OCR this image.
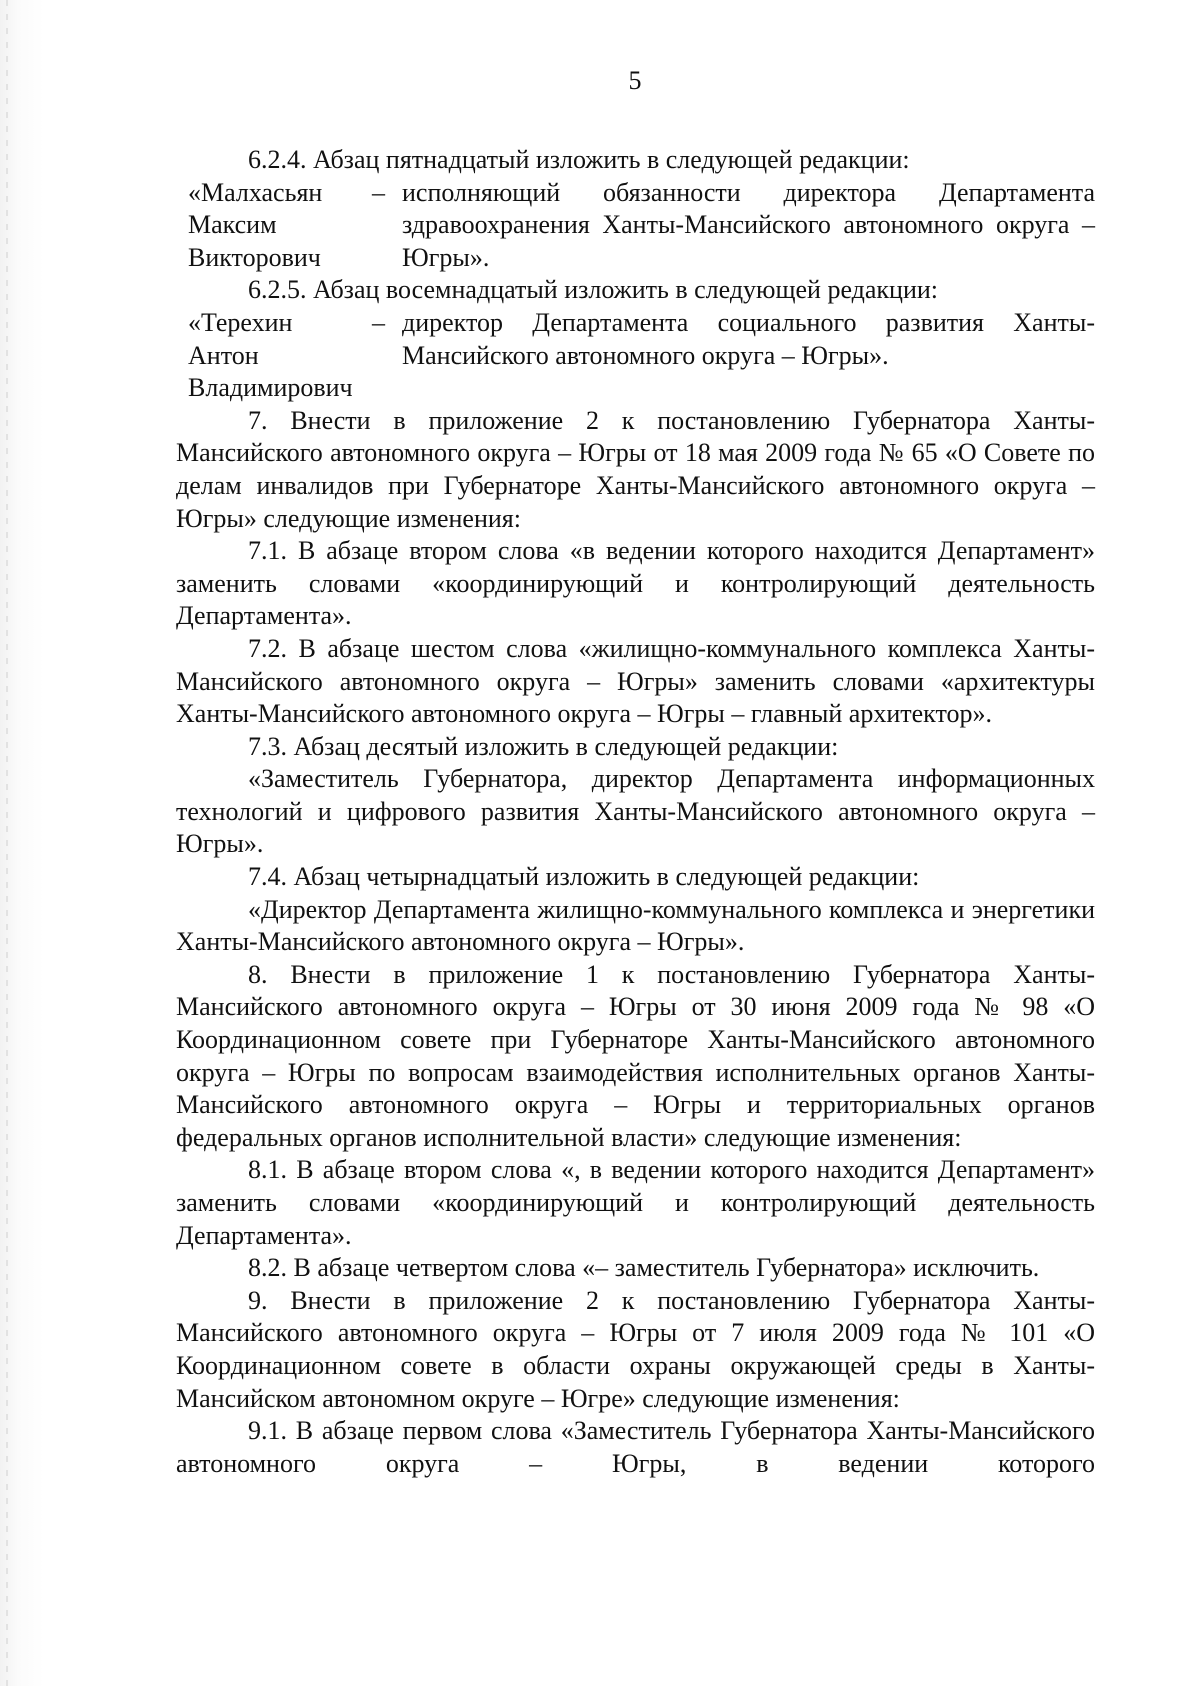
5

6.2.4. Абзац пятнадцатый изложить в следующей редакции:

«Малхасьян
Максим
Викторович
– исполняющий обязанности директора Департамента здравоохранения Ханты-Мансийского автономного округа – Югры».

6.2.5. Абзац восемнадцатый изложить в следующей редакции:

«Терехин
Антон
Владимирович
– директор Департамента социального развития Ханты-Мансийского автономного округа – Югры».

7. Внести в приложение 2 к постановлению Губернатора Ханты-Мансийского автономного округа – Югры от 18 мая 2009 года № 65 «О Совете по делам инвалидов при Губернаторе Ханты-Мансийского автономного округа – Югры» следующие изменения:

7.1. В абзаце втором слова «в ведении которого находится Департамент» заменить словами «координирующий и контролирующий деятельность Департамента».

7.2. В абзаце шестом слова «жилищно-коммунального комплекса Ханты-Мансийского автономного округа – Югры» заменить словами «архитектуры Ханты-Мансийского автономного округа – Югры – главный архитектор».

7.3. Абзац десятый изложить в следующей редакции:

«Заместитель Губернатора, директор Департамента информационных технологий и цифрового развития Ханты-Мансийского автономного округа – Югры».

7.4. Абзац четырнадцатый изложить в следующей редакции:

«Директор Департамента жилищно-коммунального комплекса и энергетики Ханты-Мансийского автономного округа – Югры».

8. Внести в приложение 1 к постановлению Губернатора Ханты-Мансийского автономного округа – Югры от 30 июня 2009 года № 98 «О Координационном совете при Губернаторе Ханты-Мансийского автономного округа – Югры по вопросам взаимодействия исполнительных органов Ханты-Мансийского автономного округа – Югры и территориальных органов федеральных органов исполнительной власти» следующие изменения:

8.1. В абзаце втором слова «, в ведении которого находится Департамент» заменить словами «координирующий и контролирующий деятельность Департамента».

8.2. В абзаце четвертом слова «– заместитель Губернатора» исключить.

9. Внести в приложение 2 к постановлению Губернатора Ханты-Мансийского автономного округа – Югры от 7 июля 2009 года № 101 «О Координационном совете в области охраны окружающей среды в Ханты-Мансийском автономном округе – Югре» следующие изменения:

9.1. В абзаце первом слова «Заместитель Губернатора Ханты-Мансийского автономного округа – Югры, в ведении которого
